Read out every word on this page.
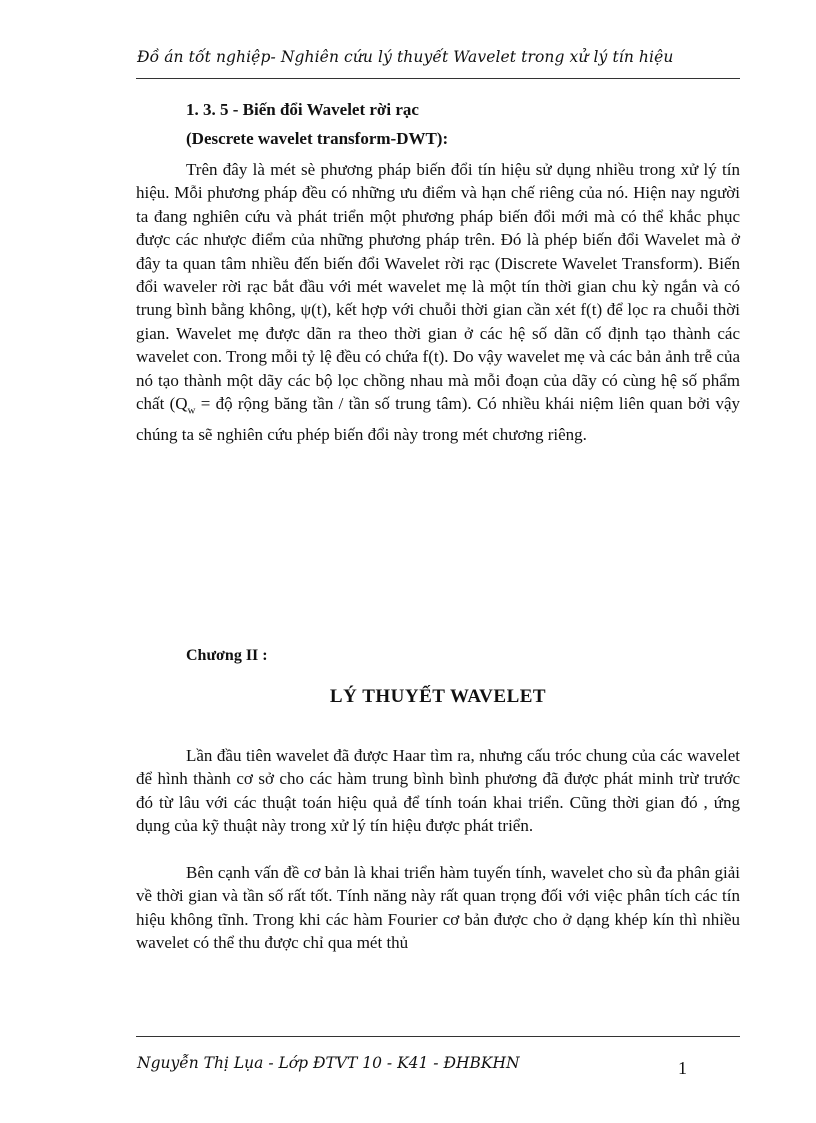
Đồ án tốt nghiệp- Nghiên cứu lý thuyết Wavelet trong xử lý tín hiệu
1. 3. 5 - Biến đổi Wavelet rời rạc
(Descrete wavelet transform-DWT):

Trên đây là mét sè phương pháp biến đổi tín hiệu sử dụng nhiều trong xử lý tín hiệu. Mỗi phương pháp đều có những ưu điểm và hạn chế riêng của nó. Hiện nay người ta đang nghiên cứu và phát triển một phương pháp biến đổi mới mà có thể khắc phục được các nhược điểm của những phương pháp trên. Đó là phép biến đổi Wavelet mà ở đây ta quan tâm nhiều đến biến đổi Wavelet rời rạc (Discrete Wavelet Transform). Biến đổi waveler rời rạc bắt đầu với mét wavelet mẹ là một tín thời gian chu kỳ ngắn và có trung bình bằng không, ψ(t), kết hợp với chuỗi thời gian cần xét f(t) để lọc ra chuỗi thời gian. Wavelet mẹ được dãn ra theo thời gian ở các hệ số dãn cố định tạo thành các wavelet con. Trong mỗi tỷ lệ đều có chứa f(t). Do vậy wavelet mẹ và các bản ảnh trễ của nó tạo thành một dãy các bộ lọc chồng nhau mà mỗi đoạn của dãy có cùng hệ số phẩm chất ($Q_w$ = độ rộng băng tần / tần số trung tâm). Có nhiều khái niệm liên quan bởi vậy chúng ta sẽ nghiên cứu phép biến đổi này trong mét chương riêng.

Chương II :
LÝ THUYẾT WAVELET

Lần đầu tiên wavelet đã được Haar tìm ra, nhưng cấu tróc chung của các wavelet để hình thành cơ sở cho các hàm trung bình bình phương đã được phát minh trừ trước đó từ lâu với các thuật toán hiệu quả để tính toán khai triển. Cũng thời gian đó , ứng dụng của kỹ thuật này trong xử lý tín hiệu được phát triển.

Bên cạnh vấn đề cơ bản là khai triển hàm tuyến tính, wavelet cho sù đa phân giải về thời gian và tần số rất tốt. Tính năng này rất quan trọng đối với việc phân tích các tín hiệu không tĩnh. Trong khi các hàm Fourier cơ bản được cho ở dạng khép kín thì nhiều wavelet có thể thu được chỉ qua mét thủ

Nguyễn Thị Lụa - Lớp ĐTVT 10 - K41 - ĐHBKHN	1
